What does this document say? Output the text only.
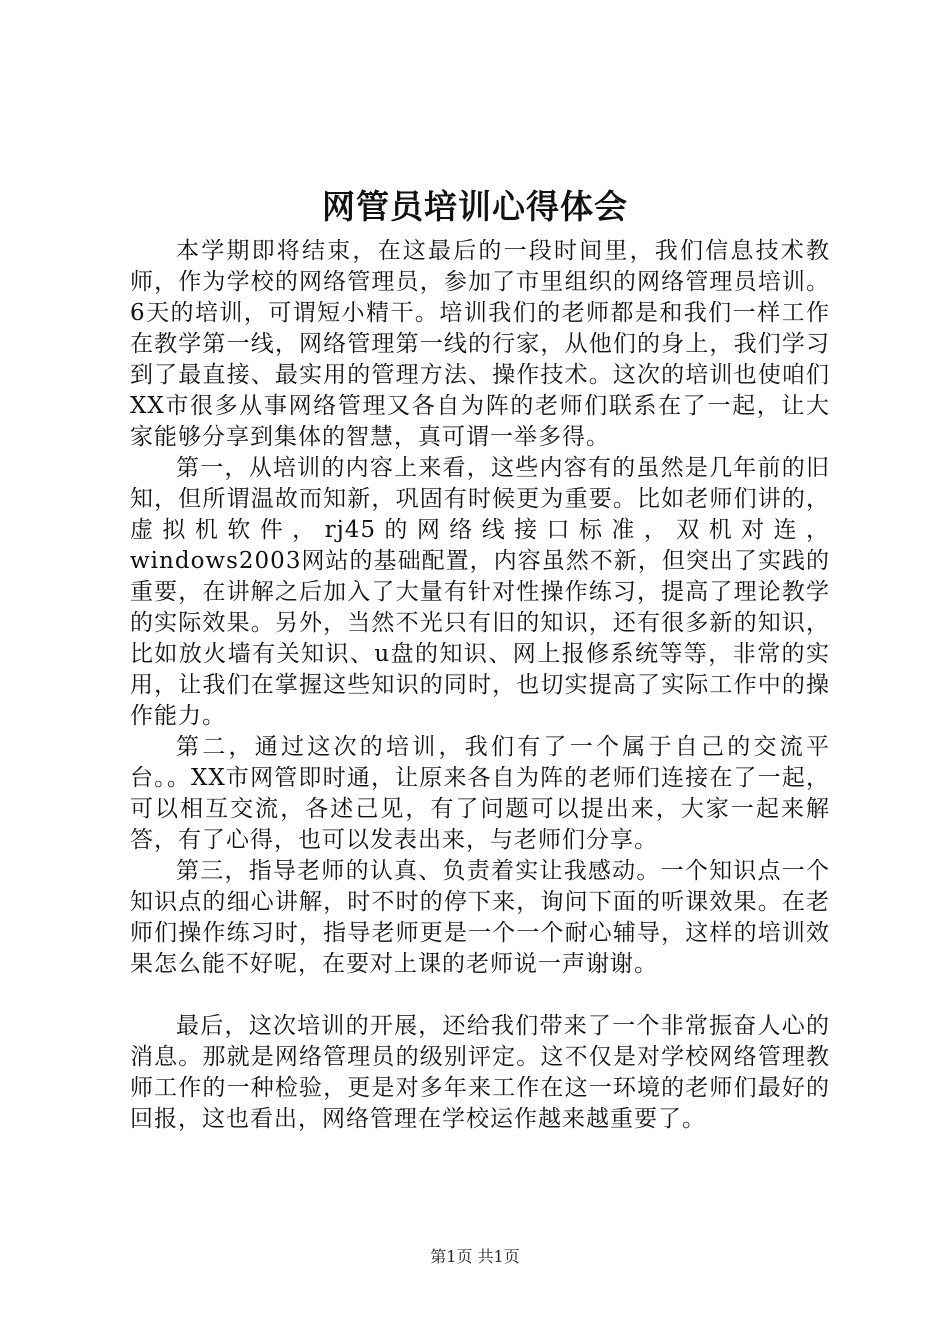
网管员培训心得体会

本学期即将结束，在这最后的一段时间里，我们信息技术教师，作为学校的网络管理员，参加了市里组织的网络管理员培训。6天的培训，可谓短小精干。培训我们的老师都是和我们一样工作在教学第一线，网络管理第一线的行家，从他们的身上，我们学习到了最直接、最实用的管理方法、操作技术。这次的培训也使咱们XX市很多从事网络管理又各自为阵的老师们联系在了一起，让大家能够分享到集体的智慧，真可谓一举多得。

第一，从培训的内容上来看，这些内容有的虽然是几年前的旧知，但所谓温故而知新，巩固有时候更为重要。比如老师们讲的，虚拟机软件，rj45的网络线接口标准，双机对连，windows2003网站的基础配置，内容虽然不新，但突出了实践的重要，在讲解之后加入了大量有针对性操作练习，提高了理论教学的实际效果。另外，当然不光只有旧的知识，还有很多新的知识，比如放火墙有关知识、u盘的知识、网上报修系统等等，非常的实用，让我们在掌握这些知识的同时，也切实提高了实际工作中的操作能力。

第二，通过这次的培训，我们有了一个属于自己的交流平台。。XX市网管即时通，让原来各自为阵的老师们连接在了一起，可以相互交流，各述己见，有了问题可以提出来，大家一起来解答，有了心得，也可以发表出来，与老师们分享。

第三，指导老师的认真、负责着实让我感动。一个知识点一个知识点的细心讲解，时不时的停下来，询问下面的听课效果。在老师们操作练习时，指导老师更是一个一个耐心辅导，这样的培训效果怎么能不好呢，在要对上课的老师说一声谢谢。

最后，这次培训的开展，还给我们带来了一个非常振奋人心的消息。那就是网络管理员的级别评定。这不仅是对学校网络管理教师工作的一种检验，更是对多年来工作在这一环境的老师们最好的回报，这也看出，网络管理在学校运作越来越重要了。

第1页 共1页
